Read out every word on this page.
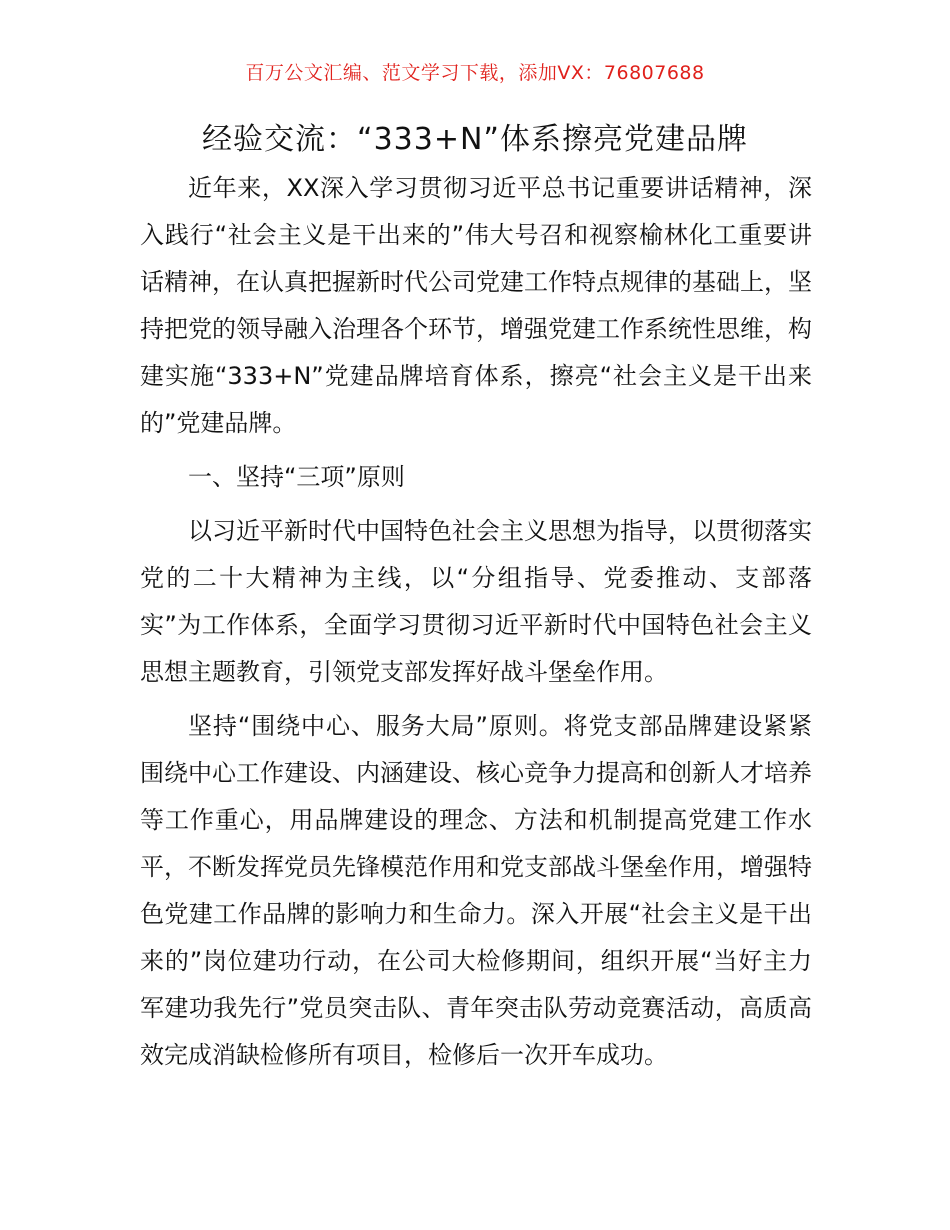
百万公文汇编、范文学习下载，添加VX：76807688
经验交流：“333+N”体系擦亮党建品牌

近年来，XX深入学习贯彻习近平总书记重要讲话精神，深入践行“社会主义是干出来的”伟大号召和视察榆林化工重要讲话精神，在认真把握新时代公司党建工作特点规律的基础上，坚持把党的领导融入治理各个环节，增强党建工作系统性思维，构建实施“333+N”党建品牌培育体系，擦亮“社会主义是干出来的”党建品牌。

一、坚持“三项”原则

以习近平新时代中国特色社会主义思想为指导，以贯彻落实党的二十大精神为主线，以“分组指导、党委推动、支部落实”为工作体系，全面学习贯彻习近平新时代中国特色社会主义思想主题教育，引领党支部发挥好战斗堡垒作用。

坚持“围绕中心、服务大局”原则。将党支部品牌建设紧紧围绕中心工作建设、内涵建设、核心竞争力提高和创新人才培养等工作重心，用品牌建设的理念、方法和机制提高党建工作水平，不断发挥党员先锋模范作用和党支部战斗堡垒作用，增强特色党建工作品牌的影响力和生命力。深入开展“社会主义是干出来的”岗位建功行动，在公司大检修期间，组织开展“当好主力军建功我先行”党员突击队、青年突击队劳动竞赛活动，高质高效完成消缺检修所有项目，检修后一次开车成功。
